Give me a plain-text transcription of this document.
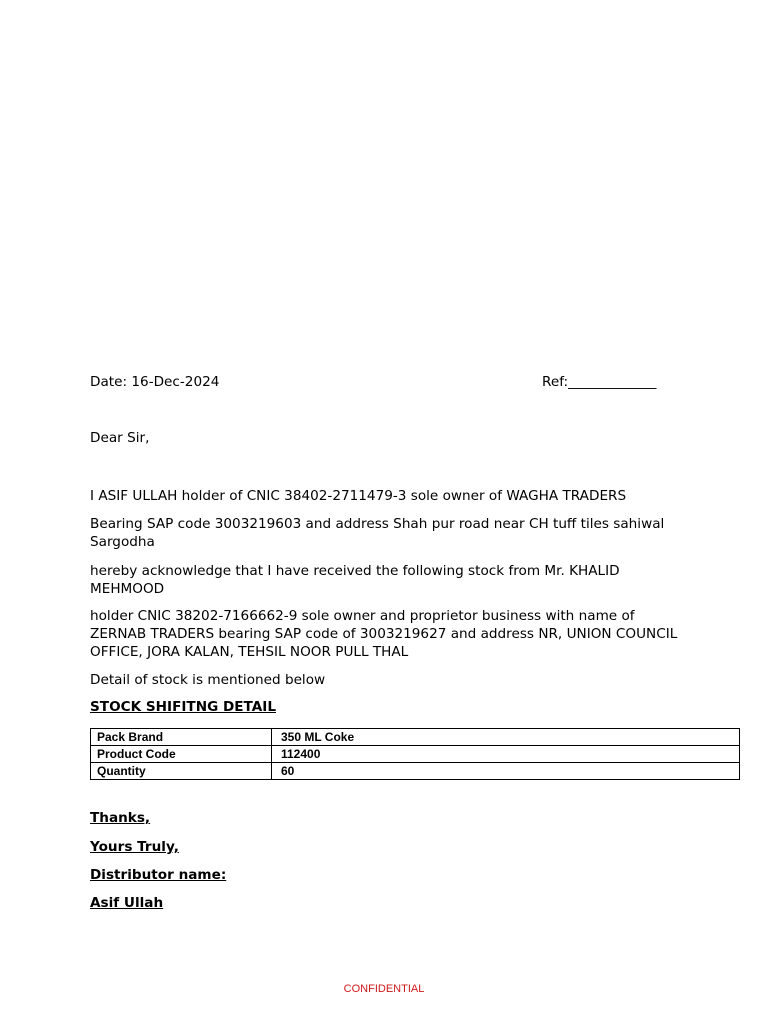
Date: 16-Dec-2024	Ref:_____________
Dear Sir,
I ASIF ULLAH holder of CNIC 38402-2711479-3 sole owner of WAGHA TRADERS
Bearing SAP code 3003219603 and address Shah pur road near CH tuff tiles sahiwal Sargodha
hereby acknowledge that I have received the following stock from Mr. KHALID MEHMOOD
holder CNIC 38202-7166662-9 sole owner and proprietor business with name of ZERNAB TRADERS bearing SAP code of 3003219627 and address NR, UNION COUNCIL OFFICE, JORA KALAN, TEHSIL NOOR PULL THAL
Detail of stock is mentioned below
STOCK SHIFITNG DETAIL
Pack Brand	350 ML Coke
Product Code	112400
Quantity	60
Thanks,
Yours Truly,
Distributor name:
Asif Ullah
CONFIDENTIAL
